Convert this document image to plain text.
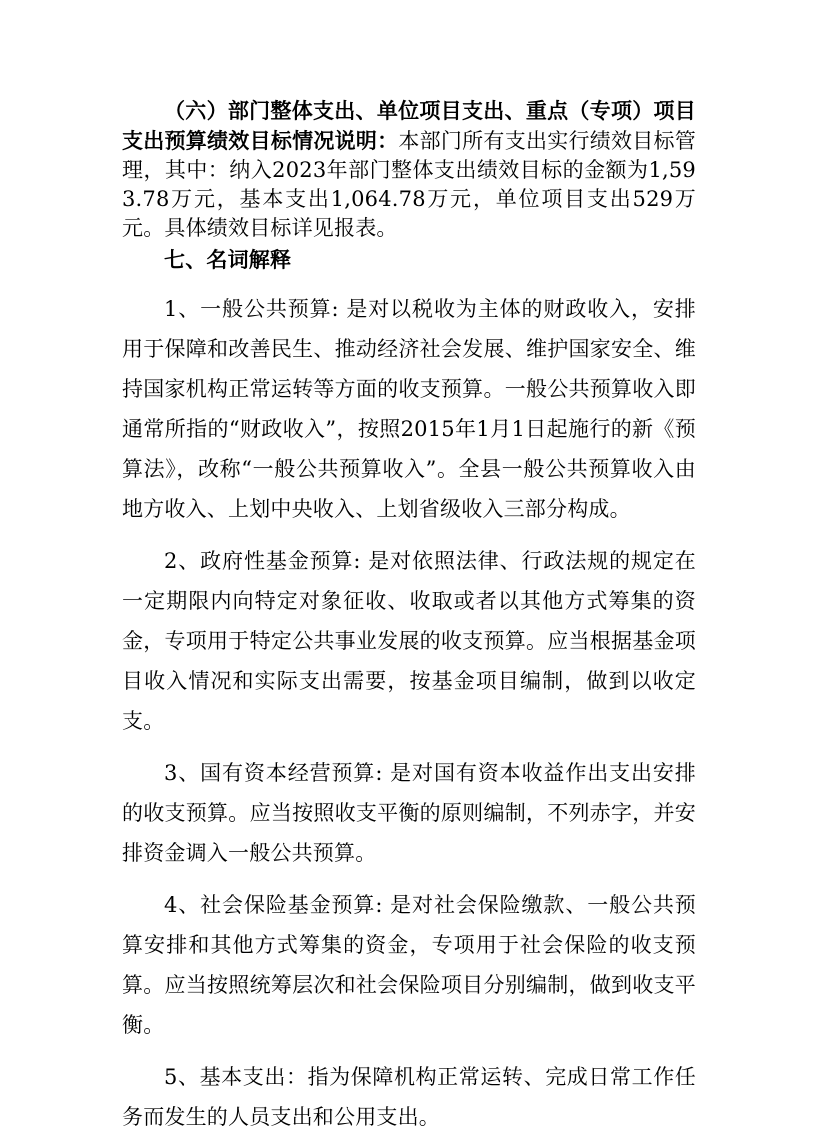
（六）部门整体支出、单位项目支出、重点（专项）项目支出预算绩效目标情况说明：本部门所有支出实行绩效目标管理，其中：纳入2023年部门整体支出绩效目标的金额为1,593.78万元，基本支出1,064.78万元，单位项目支出529万元。具体绩效目标详见报表。

七、名词解释

1、一般公共预算: 是对以税收为主体的财政收入，安排用于保障和改善民生、推动经济社会发展、维护国家安全、维持国家机构正常运转等方面的收支预算。一般公共预算收入即通常所指的“财政收入”，按照2015年1月1日起施行的新《预算法》，改称“一般公共预算收入”。全县一般公共预算收入由地方收入、上划中央收入、上划省级收入三部分构成。

2、政府性基金预算: 是对依照法律、行政法规的规定在一定期限内向特定对象征收、收取或者以其他方式筹集的资金，专项用于特定公共事业发展的收支预算。应当根据基金项目收入情况和实际支出需要，按基金项目编制，做到以收定支。

3、国有资本经营预算: 是对国有资本收益作出支出安排的收支预算。应当按照收支平衡的原则编制，不列赤字，并安排资金调入一般公共预算。

4、社会保险基金预算: 是对社会保险缴款、一般公共预算安排和其他方式筹集的资金，专项用于社会保险的收支预算。应当按照统筹层次和社会保险项目分别编制，做到收支平衡。

5、基本支出：指为保障机构正常运转、完成日常工作任务而发生的人员支出和公用支出。
